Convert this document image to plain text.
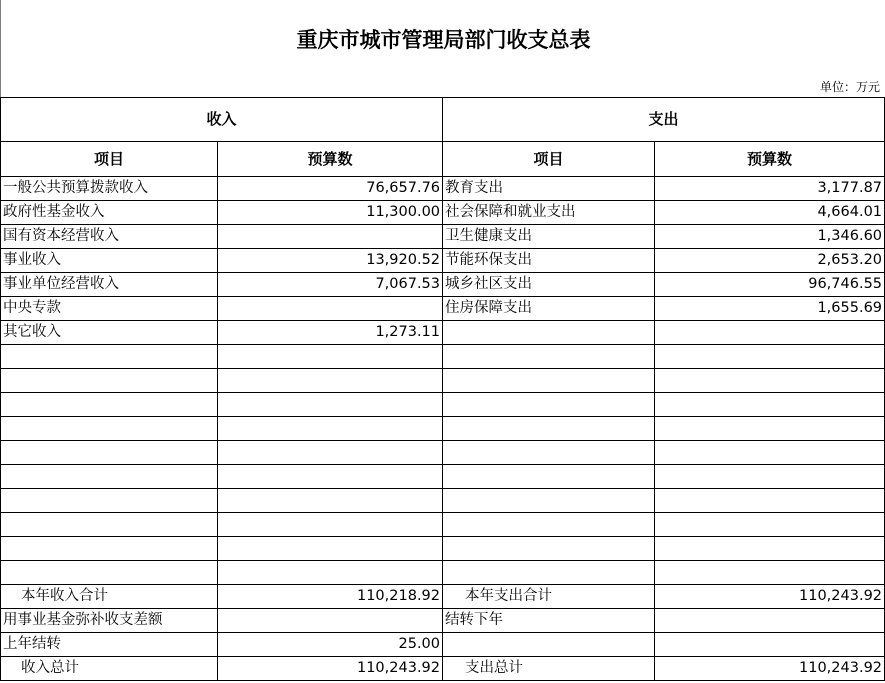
重庆市城市管理局部门收支总表
单位：万元
收入		支出	
项目	预算数	项目	预算数
一般公共预算拨款收入	76,657.76	教育支出	3,177.87
政府性基金收入	11,300.00	社会保障和就业支出	4,664.01
国有资本经营收入		卫生健康支出	1,346.60
事业收入	13,920.52	节能环保支出	2,653.20
事业单位经营收入	7,067.53	城乡社区支出	96,746.55
中央专款		住房保障支出	1,655.69
其它收入	1,273.11		

本年收入合计	110,218.92	本年支出合计	110,243.92
用事业基金弥补收支差额		结转下年	
上年结转	25.00		
收入总计	110,243.92	支出总计	110,243.92
